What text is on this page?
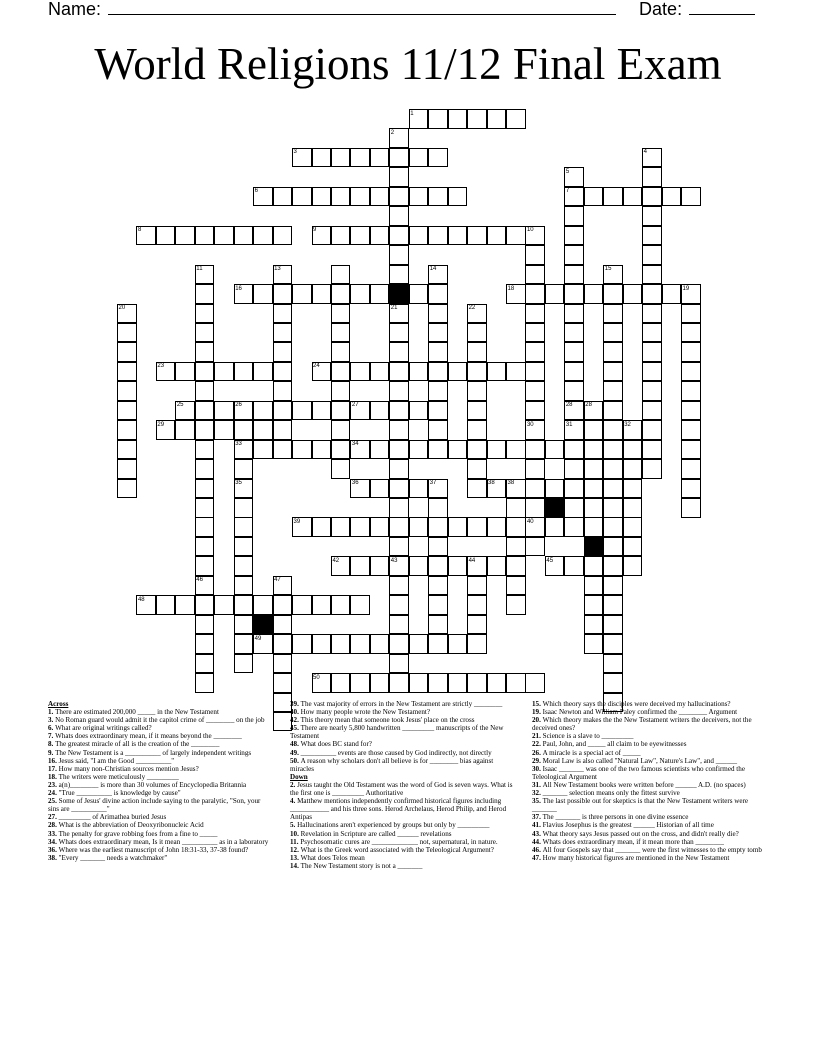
Name:	Date:
World Religions 11/12 Final Exam
1
3
6	7
8	9
16	17	18
23	24
25	27	28
29
33	34
36	38
39	40
42	45
48
49
50
2
4
5
10
11	13	14	15
19
20	21	22
26	28
30	31	32
35	37	38
41
43	44
46	47

Across

1. There are estimated 200,000 _____ in the New Testament

3. No Roman guard would admit it the capitol crime of ________ on the job

6. What are original writings called?

7. Whats does extraordinary mean, if it means beyond the ________

8. The greatest miracle of all is the creation of the ________

9. The New Testament is a __________ of largely independent writings

16. Jesus said, "I am the Good __________"

17. How many non-Christian sources mention Jesus?

18. The writers were meticulously _________

23. a(n)________ is more than 30 volumes of Encyclopedia Britannia

24. "True __________ is knowledge by cause"

25. Some of Jesus' divine action include saying to the paralytic, "Son, your sins are __________"

27. _________ of Arimathea buried Jesus

28. What is the abbreviation of Deoxyribonucleic Acid

33. The penalty for grave robbing foes from a fine to _____

34. Whats does extraordinary mean, Is it mean __________ as in a laboratory

36. Where was the earliest manuscript of John 18:31-33, 37-38 found?

38. "Every _______ needs a watchmaker"

39. The vast majority of errors in the New Testament are strictly ________

40. How many people wrote the New Testament?

42. This theory mean that someone took Jesus' place on the cross

45. There are nearly 5,800 handwritten _________ manuscripts of the New Testament

48. What does BC stand for?

49. __________ events are those caused by God indirectly, not directly

50. A reason why scholars don't all believe is for ________ bias against miracles

Down

2. Jesus taught the Old Testament was the word of God is seven ways. What is the first one is _________ Authoritative

4. Matthew mentions independently confirmed historical figures including ___________ and his three sons. Herod Archelaus, Herod Philip, and Herod Antipas

5. Hallucinations aren't experienced by groups but only by _________

10. Revelation in Scripture are called ______ revelations

11. Psychosomatic cures are _____________ not, supernatural, in nature.

12. What is the Greek word associated with the Teleological Argument?

13. What does Telos mean

14. The New Testament story is not a _______

15. Which theory says the disciples were deceived my hallucinations?

19. Isaac Newton and William Paley confirmed the ________ Argument

20. Which theory makes the the New Testament writers the deceivers, not the deceived ones?

21. Science is a slave to _________

22. Paul, John, and _____ all claim to be eyewitnesses

26. A miracle is a special act of _____

29. Moral Law is also called "Natural Law", Nature's Law", and ______

30. Isaac _______ was one of the two famous scientists who confirmed the Teleological Argument

31. All New Testament books were written before ______ A.D. (no spaces)

32. _______ selection means only the fittest survive

35. The last possible out for skeptics is that the New Testament writers were _______

37. The _______ is three persons in one divine essence

41. Flavius Josephus is the greatest ______ Historian of all time

43. What theory says Jesus passed out on the cross, and didn't really die?

44. Whats does extraordinary mean, if it mean more than ________

46. All four Gospels say that _______ were the first witnesses to the empty tomb

47. How many historical figures are mentioned in the New Testament
